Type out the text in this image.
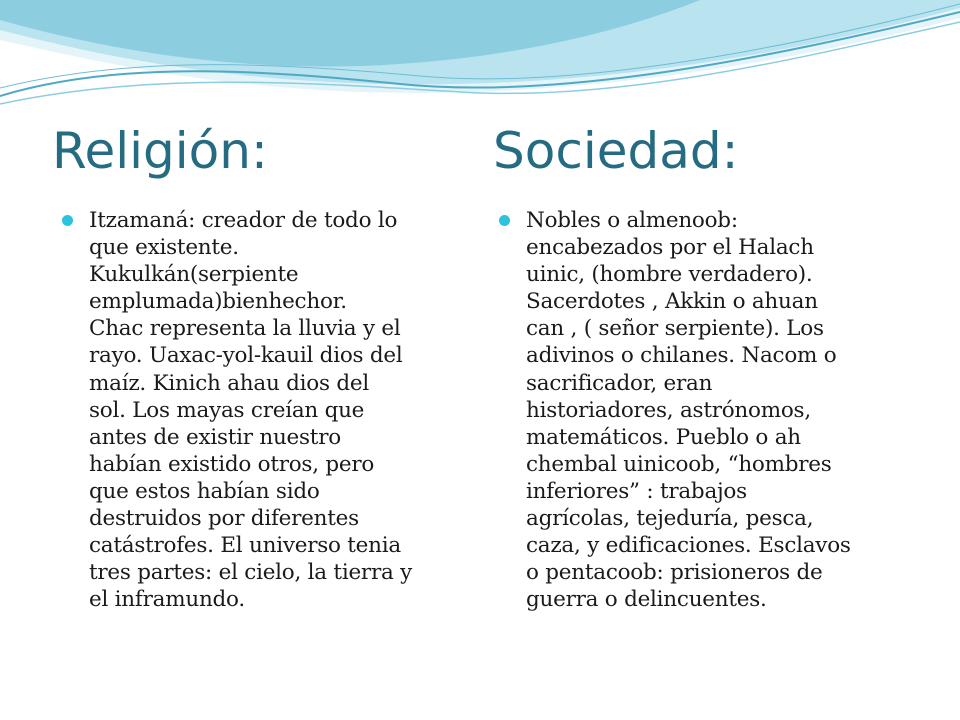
Religión:	Sociedad:

Itzamaná: creador de todo lo
que existente.
Kukulkán(serpiente
emplumada)bienhechor.
Chac representa la lluvia y el
rayo. Uaxac-yol-kauil dios del
maíz. Kinich ahau dios del
sol. Los mayas creían que
antes de existir nuestro
habían existido otros, pero
que estos habían sido
destruidos por diferentes
catástrofes. El universo tenia
tres partes: el cielo, la tierra y
el inframundo.

Nobles o almenoob:
encabezados por el Halach
uinic, (hombre verdadero).
Sacerdotes , Akkin o ahuan
can , ( señor serpiente). Los
adivinos o chilanes. Nacom o
sacrificador, eran
historiadores, astrónomos,
matemáticos. Pueblo o ah
chembal uinicoob, “hombres
inferiores” : trabajos
agrícolas, tejeduría, pesca,
caza, y edificaciones. Esclavos
o pentacoob: prisioneros de
guerra o delincuentes.
